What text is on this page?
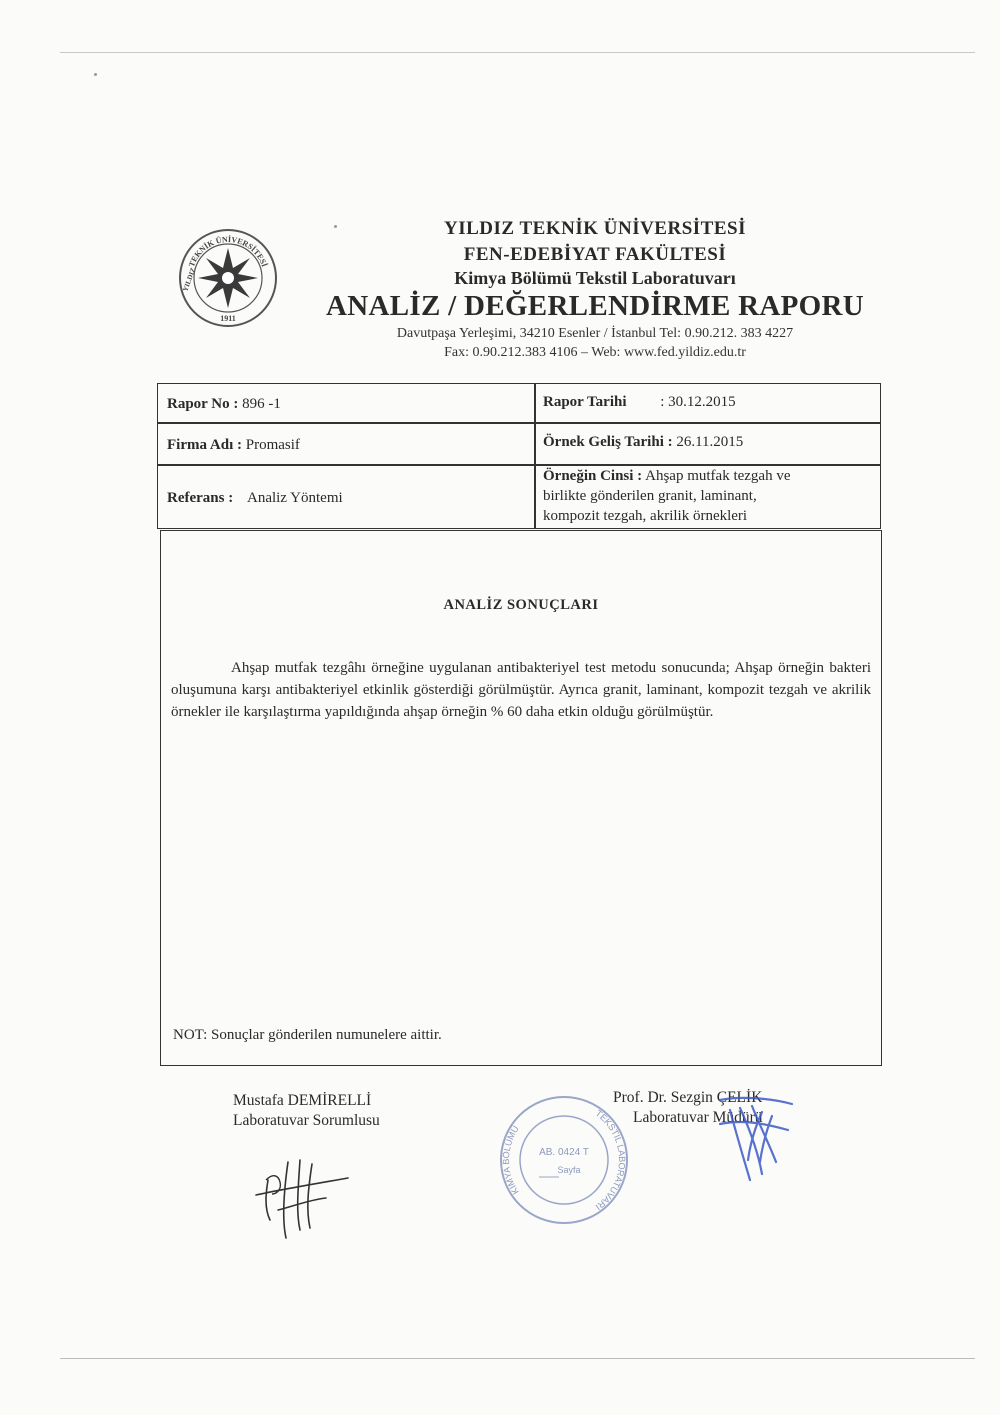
TEKNİK ÜNİVERSİTESİ
YILDIZ
1911
YILDIZ TEKNİK ÜNİVERSİTESİ
FEN-EDEBİYAT FAKÜLTESİ
Kimya Bölümü Tekstil Laboratuvarı
ANALİZ / DEĞERLENDİRME RAPORU
Davutpaşa Yerleşimi, 34210 Esenler / İstanbul Tel: 0.90.212. 383 4227
Fax: 0.90.212.383 4106 – Web: www.fed.yildiz.edu.tr
Rapor No : 896 -1	Rapor Tarihi : 30.12.2015
Firma Adı : Promasif	Örnek Geliş Tarihi : 26.11.2015
Referans : Analiz Yöntemi
Örneğin Cinsi : Ahşap mutfak tezgah ve
birlikte gönderilen granit, laminant,
kompozit tezgah, akrilik örnekleri
ANALİZ SONUÇLARI
Ahşap mutfak tezgâhı örneğine uygulanan antibakteriyel test metodu sonucunda; Ahşap örneğin bakteri oluşumuna karşı antibakteriyel etkinlik gösterdiği görülmüştür. Ayrıca granit, laminant, kompozit tezgah ve akrilik örnekler ile karşılaştırma yapıldığında ahşap örneğin % 60 daha etkin olduğu görülmüştür.
NOT: Sonuçlar gönderilen numunelere aittir.
Mustafa DEMİRELLİ
Laboratuvar Sorumlusu
Prof. Dr. Sezgin ÇELİK
Laboratuvar Müdürü
KİMYA BÖLÜMÜ
TEKSTİL LABORATUVARI
AB. 0424 T
Sayfa
